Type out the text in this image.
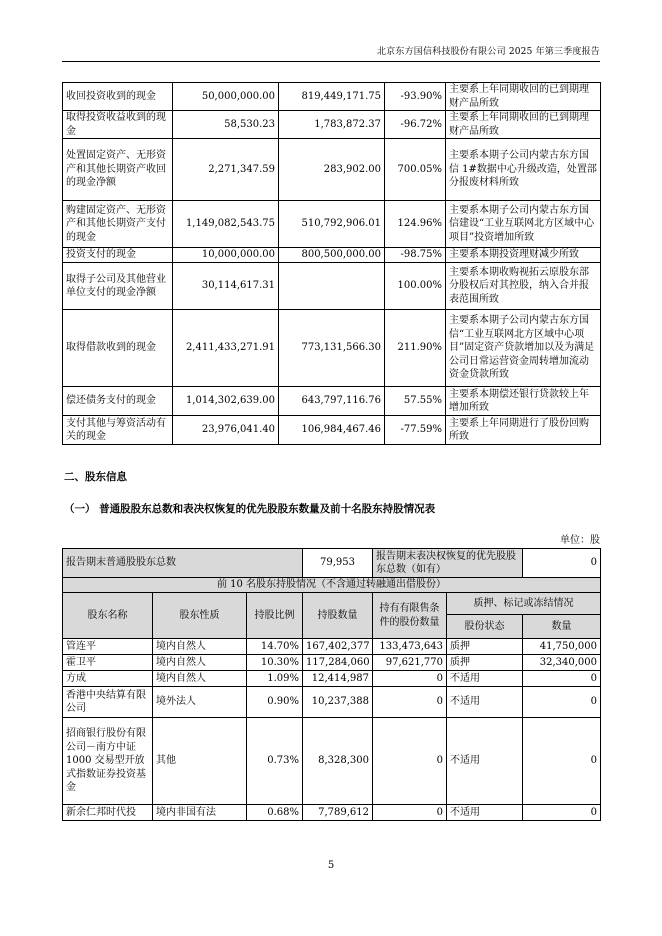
北京东方国信科技股份有限公司 2025 年第三季度报告
收回投资收到的现金	50,000,000.00	819,449,171.75	-93.90%	主要系上年同期收回的已到期理财产品所致
取得投资收益收到的现金	58,530.23	1,783,872.37	-96.72%	主要系上年同期收回的已到期理财产品所致
处置固定资产、无形资产和其他长期资产收回的现金净额	2,271,347.59	283,902.00	700.05%	主要系本期子公司内蒙古东方国信 1#数据中心升级改造，处置部分报废材料所致
购建固定资产、无形资产和其他长期资产支付的现金	1,149,082,543.75	510,792,906.01	124.96%	主要系本期子公司内蒙古东方国信建设“工业互联网北方区域中心项目”投资增加所致
投资支付的现金	10,000,000.00	800,500,000.00	-98.75%	主要系本期投资理财减少所致
取得子公司及其他营业单位支付的现金净额	30,114,617.31		100.00%	主要系本期收购视拓云原股东部分股权后对其控股，纳入合并报表范围所致
取得借款收到的现金	2,411,433,271.91	773,131,566.30	211.90%	主要系本期子公司内蒙古东方国信“工业互联网北方区域中心项目”固定资产贷款增加以及为满足公司日常运营资金周转增加流动资金贷款所致
偿还债务支付的现金	1,014,302,639.00	643,797,116.76	57.55%	主要系本期偿还银行贷款较上年增加所致
支付其他与筹资活动有关的现金	23,976,041.40	106,984,467.46	-77.59%	主要系上年同期进行了股份回购所致
二、股东信息
（一） 普通股股东总数和表决权恢复的优先股股东数量及前十名股东持股情况表
单位：股
报告期末普通股股东总数			79,953	报告期末表决权恢复的优先股股东总数（如有）		0
前 10 名股东持股情况（不含通过转融通出借股份）						
股东名称	股东性质	持股比例	持股数量	持有有限售条件的股份数量	质押、标记或冻结情况	
					股份状态	数量
管连平	境内自然人	14.70%	167,402,377	133,473,643	质押	41,750,000
霍卫平	境内自然人	10.30%	117,284,060	97,621,770	质押	32,340,000
方成	境内自然人	1.09%	12,414,987	0	不适用	0
香港中央结算有限公司	境外法人	0.90%	10,237,388	0	不适用	0
招商银行股份有限公司－南方中证 1000 交易型开放式指数证券投资基金	其他	0.73%	8,328,300	0	不适用	0
新余仁邦时代投	境内非国有法	0.68%	7,789,612	0	不适用	0
5
